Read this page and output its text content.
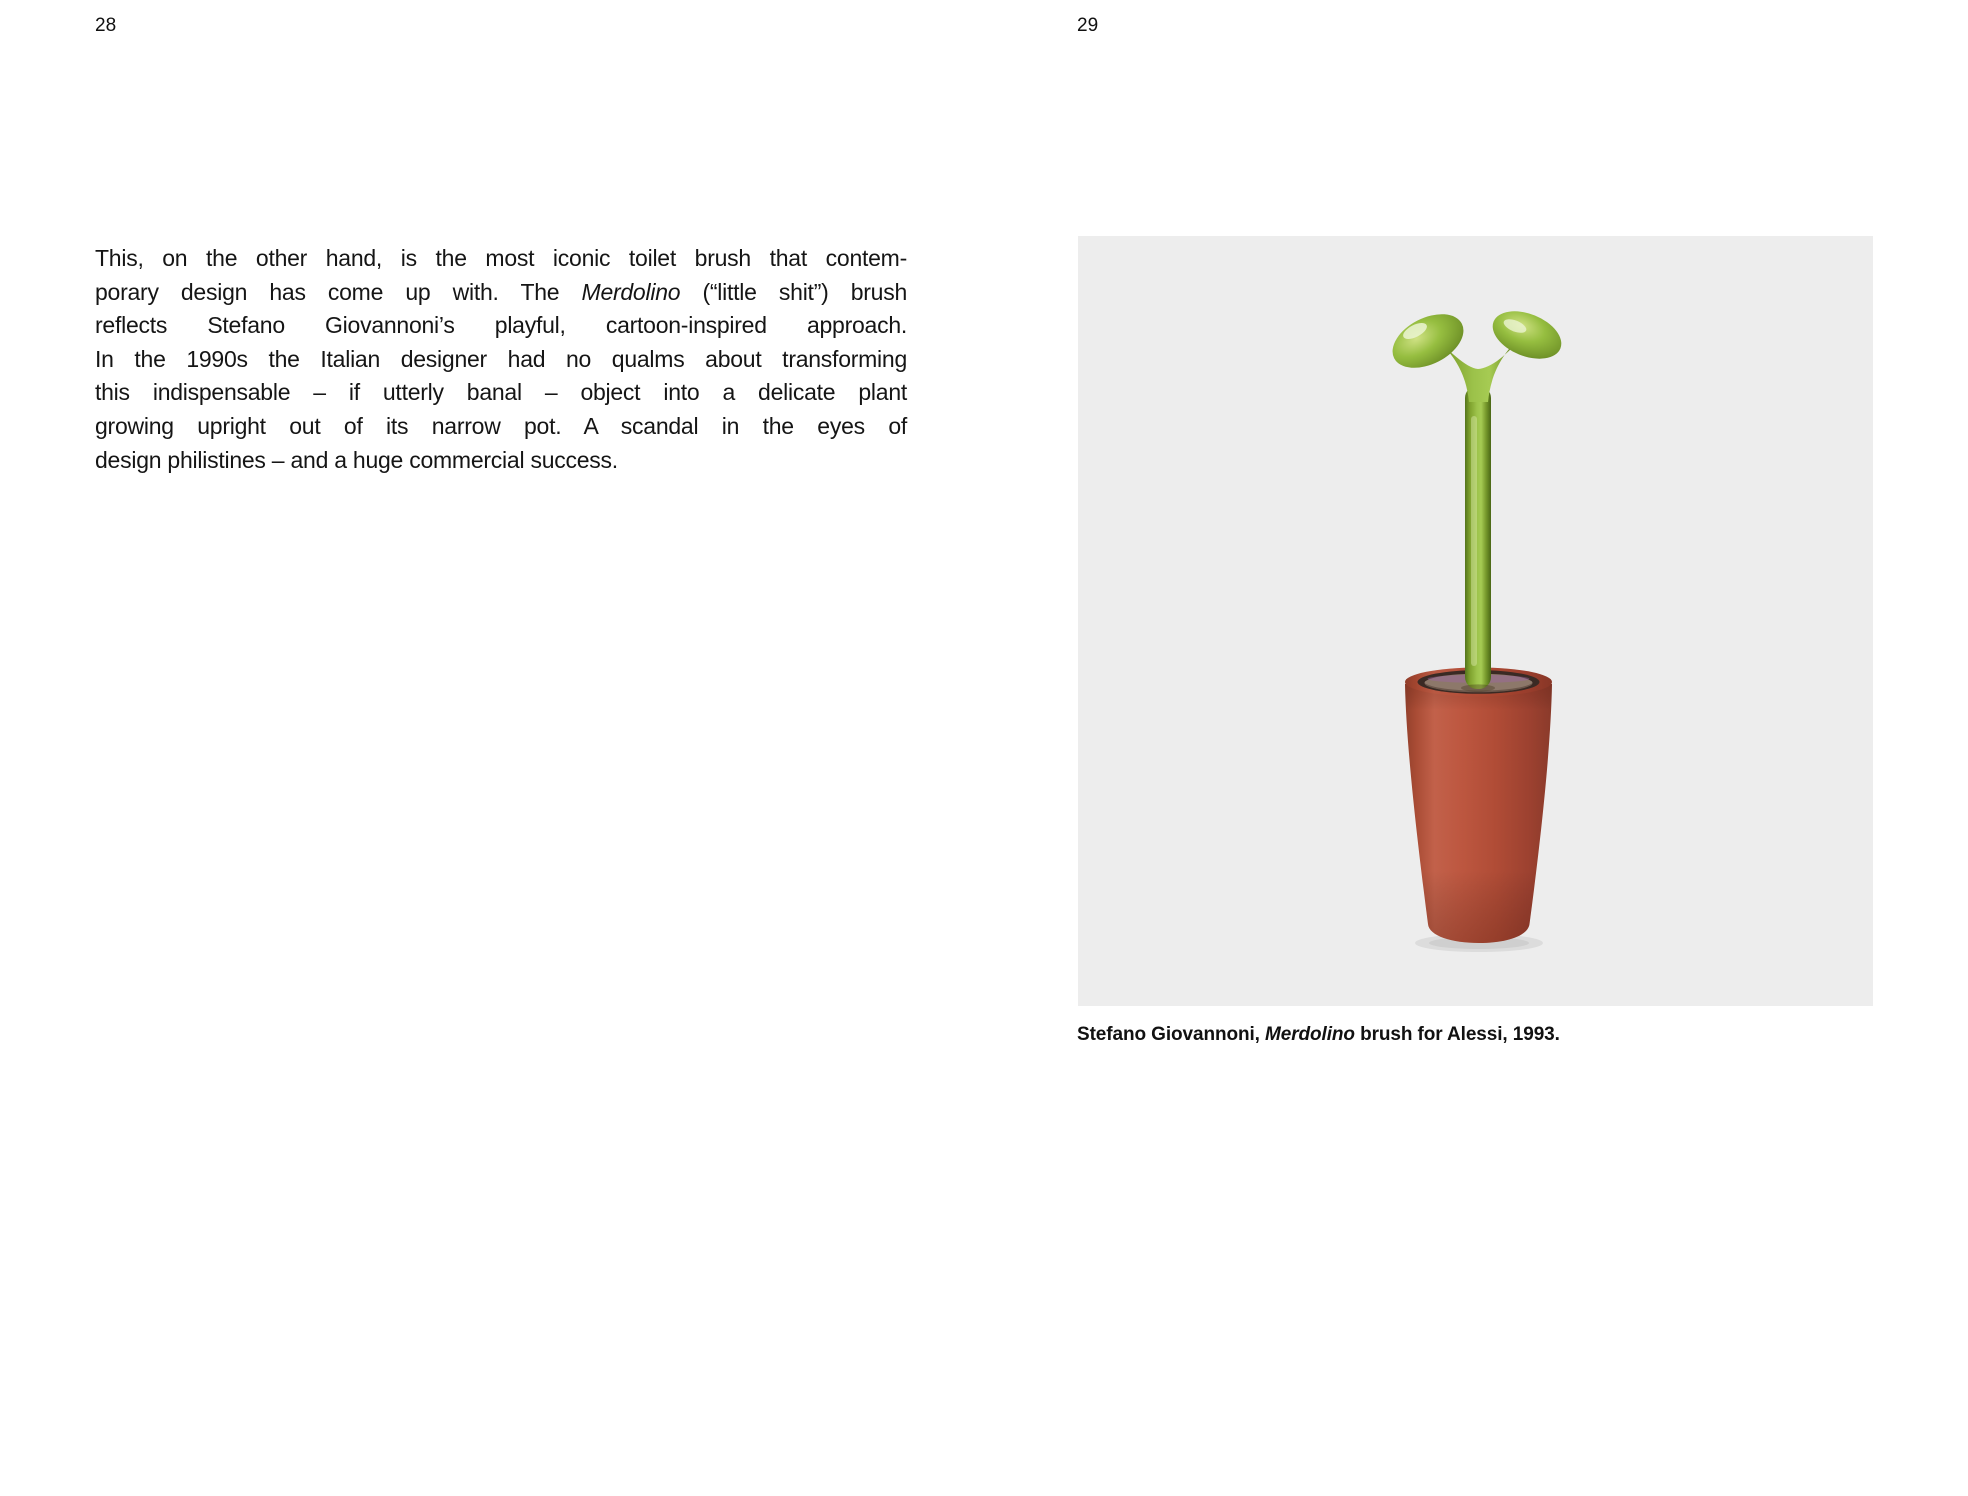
28	29
This, on the other hand, is the most iconic toilet brush that contem-
porary design has come up with. The Merdolino (“little shit”) brush
reflects Stefano Giovannoni’s playful, cartoon-inspired approach.
In the 1990s the Italian designer had no qualms about transforming
this indispensable – if utterly banal – object into a delicate plant
growing upright out of its narrow pot. A scandal in the eyes of
design philistines – and a huge commercial success.
Stefano Giovannoni, Merdolino brush for Alessi, 1993.
